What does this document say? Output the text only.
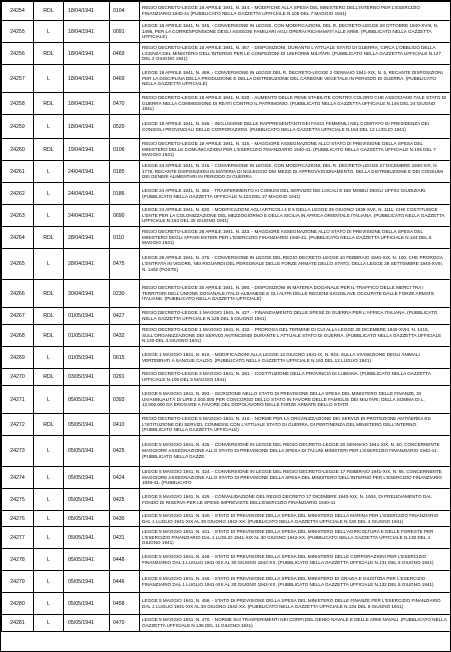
24254	RDL	18/04/1941	0104	REGIO DECRETO-LEGGE 18 APRILE 1941, N. 344. - MODIFICHE ALLA SPESA DEL MINISTERO DELL'INTERNO PER L'ESERCIZIO FINANZIARIO 1940-41 (PUBBLICATO NELLA GAZZETTA UFFICIALE N.105 DEL 7 MAGGIO 1941)
24255	L	18/04/1941	0091	LEGGE 18 APRILE 1941, N. 345. - CONVERSIONE IN LEGGE, CON MODIFICAZIONI, DEL R. DECRETO-LEGGE 28 OTTOBRE 1940-XVIII, N. 1496, PER LA CORRESPONSIONE DEGLI ASSEGNI FAMILIARI AGLI OPERAI RICHIAMATI ALLE ARMI. (PUBBLICATO NELLA GAZZETTA UFFICIALE)
24256	RDL	18/04/1941	0469	REGIO DECRETO-LEGGE 18 APRILE 1941, N. 467. - DISPOSIZIONI, DURANTE L'ATTUALE STATO DI GUERRA, CIRCA L'OBBLIGO DELLA LICENZA DEL MINISTERO DELL'INTERNO PER LE CONFEZIONI DI UNIFORMI MILITARI. (PUBBLICATO NELLA GAZZETTA UFFICIALE N.127 DEL 2 GIUGNO 1941)
24257	L	18/04/1941	0469	LEGGE 18 APRILE 1941, N. 469. - CONVERSIONE IN LEGGE DEL R. DECRETO-LEGGE 2 GENNAIO 1941-XIX, N. 5, RECANTE DISPOSIZIONI PER LA DISCIPLINA DELLA PRODUZIONE E DELLA DISTRIBUZIONE DEL CARBONE VEGETALE IN PERIODO DI GUERRA. (PUBBLICATO NELLA GAZZETTA UFFICIALE)
24258	RDL	18/04/1941	0470	REGIO DECRETO-LEGGE 18 APRILE 1941, N. 530. - AUMENTO DELLE PENE STABILITE CONTRO COLORO CHE ASSOCIANO TALE STATO DI GUERRA NELLA COMMISSIONE DI REATI CONTRO IL PATRIMONIO. (PUBBLICATO NELLA GAZZETTA UFFICIALE N.146 DEL 24 GIUGNO 1941)
24259	L	18/04/1941	0520	LEGGE 18 APRILE 1941, N. 636. - INCLUSIONE DELLE RAPPRESENTANTI DEI FASCI FEMMINILI NEL COMITATO DI PRESIDENZA DEI CONSIGLI PROVINCIALI DELLE CORPORAZIONI. (PUBBLICATO NELLA GAZZETTA UFFICIALE N.164 DEL 12 LUGLIO 1941)
24260	RDL	19/04/1941	0106	REGIO DECRETO-LEGGE 19 APRILE 1941, N. 316. - MAGGIORE ASSEGNAZIONE ALLO STATO DI PREVISIONE DELLA SPESA DEL MINISTERO DELLE COMUNICAZIONI PER L'ESERCIZIO FINANZIARIO 1940-41. (PUBBLICATO NELLA GAZZETTA UFFICIALE N.105 DEL 7 MAGGIO 1941)
24261	L	24/04/1941	0185	LEGGE 24 APRILE 1941, N. 315. - CONVERSIONE IN LEGGE, CON MODIFICAZIONI, DEL R. DECRETO-LEGGE 27 DICEMBRE 1940-XIX, N. 1776, RECANTE DISPOSIZIONI IN MATERIA DI NOLEGGIO DEI MEZZI DI APPROVVIGIONAMENTO, DELLA DISTRIBUZIONE E DEI CONSUMI DEI GENERI ALIMENTARI IN PERIODO DI GUERRA
24262	L	24/04/1941	0186	LEGGE 24 APRILE 1941, N. 392. - TRASFERIMENTO AI COMUNI DEL SERVIZIO DEI LOCALI E DEI MOBILI DEGLI UFFICI GIUDIZIARI. (PUBBLICATO NELLA GAZZETTA UFFICIALE N.123 DEL 27 MAGGIO 1941)
24263	L	24/04/1941	0690	LEGGE 24 APRILE 1941, N. 530. - MODIFICAZIONI AGLI ARTICOLI 4 E 5 DELLA LEGGE 25 GIUGNO 1939-XVII, N. 1111, CHE COSTITUISCE L'ENTE PER LA COLONIZZAZIONE DEL MEZZOGIORNO E DELLA SICILIA IN AFRICA ORIENTALE ITALIANA. (PUBBLICATO NELLA GAZZETTA UFFICIALE N.153 DEL 30 GIUGNO 1941)
24264	RDL	28/04/1941	0110	REGIO DECRETO-LEGGE 28 APRILE 1941, N. 333. - MAGGIORE ASSEGNAZIONE ALLO STATO DI PREVISIONE DELLA SPESA DEL MINISTERO DEGLI AFFARI ESTERI PER L'ESERCIZIO FINANZIARIO 1940-41. (PUBBLICATO NELLA GAZZETTA UFFICIALE N.104 DEL 6 MAGGIO 1941)
24265	L	28/04/1941	0475	LEGGE 28 APRILE 1941, N. 475. - CONVERSIONE IN LEGGE DEL REGIO DECRETO-LEGGE 10 FEBBRAIO 1940-XIX, N. 100, CHE PROROGA L'ENTRATA IN VIGORE, NEI RIGUARDI DEL PERSONALE DELLE FORZE ARMATE DELLO STATO, DELLA LEGGE 28 SETTEMBRE 1940-XVIII, N. 1452 (POSTE)
24266	RDL	30/04/1941	0230	REGIO DECRETO-LEGGE 30 APRILE 1941, N. 390. - DISPOSIZIONI IN MATERIA DOGANALE PER IL TRAFFICO DELLE MERCI TRA I TERRITORI DELL'UNIONE DOGANALE ITALO-ALBANESE E GLI ALTRI DELLE REGIONI IUGOSLAVE OCCUPATE DALLE FORZE ARMATE ITALIANE. (PUBBLICATO NELLA GAZZETTA UFFICIALE)
24267	RDL	01/05/1941	0427	REGIO DECRETO-LEGGE 1 MAGGIO 1941, N. 427. - FINANZIAMENTO DELLE SPESE DI GUERRA PER L'AFRICA ITALIANA. (PUBBLICATO NELLA GAZZETTA UFFICIALE N.129 DEL 5 GIUGNO 1941)
24268	RDL	01/05/1941	0432	REGIO DECRETO-LEGGE 1 MAGGIO 1941, N. 432. - PROROGA DEL TERMINE DI CUI ALLA LEGGE 30 DICEMBRE 1940-XVIII, N. 1415, SULL'ORGANIZZAZIONE DEI SERVIZI ANTINCENDI DURANTE L'ATTUALE STATO DI GUERRA. (PUBBLICATO NELLA GAZZETTA UFFICIALE N.130 DEL 4 GIUGNO 1941)
24269	L	01/05/1941	0615	LEGGE 1 MAGGIO 1941, N. 615. - MODIFICAZIONI ALLA LEGGE 12 GIUGNO 1931-IX, N. 924, SULLA VIVISEZIONE DEGLI ANIMALI VERTEBRATI A SANGUE CALDO. (PUBBLICATO NELLA GAZZETTA UFFICIALE N.163 DEL 12 LUGLIO 1941)
24270	RDL	03/05/1941	0291	REGIO DECRETO-LEGGE 3 MAGGIO 1941, N. 291. - COSTITUZIONE DELLA PROVINCIA DI LUBIANA. (PUBBLICATO NELLA GAZZETTA UFFICIALE N.105 DEL 5 MAGGIO 1941)
24271	L	05/05/1941	0393	LEGGE 5 MAGGIO 1941, N. 393. - ISCRIZIONE NELLO STATO DI PREVISIONE DELLA SPESA DEL MINISTERO DELLE FINANZE, DI UN'ANNUALITÀ DI LIRE 2.000.000 PER CONCORSO DELLO STATO IN FAVORE DELLE FAMIGLIE DEI MILITARI; DELLA SOMMA DI L. 12.000.000 DA EROGARE A FAVORE DEL DOPOLAVORO DELLE FORZE ARMATE DELLO STATO
24272	RDL	05/05/1941	0410	REGIO DECRETO-LEGGE 5 MAGGIO 1941, N. 410. - NORME PER LA ORGANIZZAZIONE DEI SERVIZI DI PROTEZIONE ANTIAEREA ED L'ISTITUZIONE DEI SERVIZI, CONNESSI CON L'ATTUALE STATO DI GUERRA, DI PERTINENZA DEL MINISTERO DELL'INTERNO. (PUBBLICATO NELLA GAZZETTA UFFICIALE)
24273	L	05/05/1941	0425	LEGGE 5 MAGGIO 1941, N. 425. - CONVERSIONE IN LEGGE DEL REGIO DECRETO-LEGGE 20 GENNAIO 1941-XIX, N. 60, CONCERNENTE MAGGIORE ASSEGNAZIONE ALLO STATO DI PREVISIONE DELLA SPESA DI TALUNI MINISTERI PER L'ESERCIZIO FINANZIARIO 1940-41. (PUBBLICATO NELLA GAZZE.
24274	L	05/05/1941	0424	LEGGE 5 MAGGIO 1941, N. 424. - CONVERSIONE IN LEGGE DEL REGIO DECRETO-LEGGE 17 FEBBRAIO 1941-XIX, N. 65, CONCERNENTE MAGGIORE ASSEGNAZIONE ALLO STATO DI PREVISIONE DELLA SPESA DEL MINISTERO DELL'INTERNO PER L'ESERCIZIO FINANZIARIO 1940-41. (PUBBLICATO
24275	L	05/05/1941	0425	LEGGE 5 MAGGIO 1941, N. 425. - CONVALIDAZIONE DEL REGIO DECRETO 17 DICEMBRE 1940-XIX, N. 1934, DI PRELEVAMENTO DAL FONDO DI RISERVA PER LE SPESE IMPREVISTE DELL'ESERCIZIO FINANZIARIO 1940-41
24276	L	05/05/1941	0430	LEGGE 5 MAGGIO 1941, N. 430. - STATO DI PREVISIONE DELLA SPESA DEL MINISTERO DELLA MARINA PER L'ESERCIZIO FINANZIARIO DAL 1 LUGLIO 1941-XIX AL 30 GIUGNO 1942-XX. (PUBBLICATO NELLA GAZZETTA UFFICIALE N.130 DEL 4 GIUGNO 1941)
24277	L	05/05/1941	0431	LEGGE 5 MAGGIO 1941, N. 431. - STATO DI PREVISIONE DELLA SPESA DEL MINISTERO DELL'AGRICOLTURA E DELLE FORESTE PER L'ESERCIZIO FINANZIARIO DAL 1 LUGLIO 1941-XIX AL 30 GIUGNO 1942-XX. (PUBBLICATO NELLA GAZZETTA UFFICIALE N.130 DEL 4 GIUGNO 1941)
24278	L	05/05/1941	0448	LEGGE 5 MAGGIO 1941, N. 448. - STATO DI PREVISIONE DELLA SPESA DEL MINISTERO DELLE CORPORAZIONI PER L'ESERCIZIO FINANZIARIO DAL 1 LUGLIO 1941-XIX AL 30 GIUGNO 1942-XX. (PUBBLICATO NELLA GAZZETTA UFFICIALE N.131 DEL 6 GIUGNO 1941)
24279	L	05/05/1941	0446	LEGGE 5 MAGGIO 1941, N. 446. - STATO DI PREVISIONE DELLA SPESA DEL MINISTERO DI GRAZIA E GIUSTIZIA PER L'ESERCIZIO FINANZIARIO DAL 1 LUGLIO 1941-XIX AL 30 GIUGNO 1942-XX. (PUBBLICATO NELLA GAZZETTA UFFICIALE N.132 DEL 6 GIUGNO 1941)
24280	L	05/05/1941	0458	LEGGE 5 MAGGIO 1941, N. 458. - STATO DI PREVISIONE DELLA SPESA DEL MINISTERO DELLE FINANZE PER L'ESERCIZIO FINANZIARIO DAL 1 LUGLIO 1941-XIX AL 30 GIUGNO 1942-XX. (PUBBLICATO NELLA GAZZETTA UFFICIALE N.134 DEL 9 GIUGNO 1941)
24281	L	05/05/1941	0470	LEGGE 5 MAGGIO 1941, N. 470. - NORME SUI TRASFERIMENTI NEI CORPI DEL GENIO NAVALE E DELLE ARMI NAVALI. (PUBBLICATO NELLA GAZZETTA UFFICIALE N.138 DEL 11 GIUGNO 1941)
